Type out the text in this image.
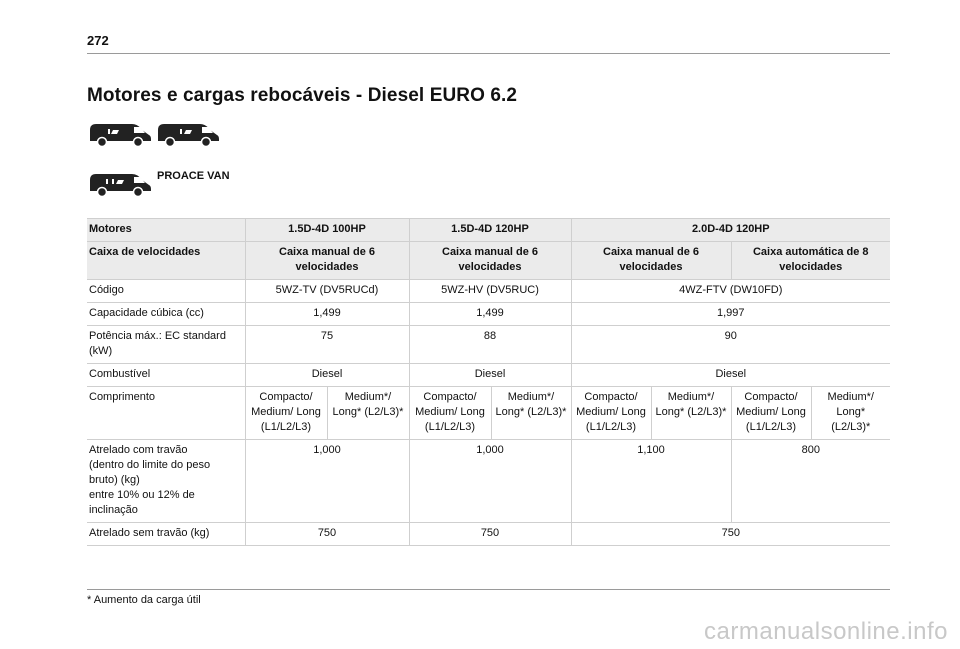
272
Motores e cargas rebocáveis - Diesel EURO 6.2
PROACE VAN
Motores	1.5D-4D 100HP		1.5D-4D 120HP		2.0D-4D 120HP			
Caixa de velocidades	Caixa manual de 6 velocidades		Caixa manual de 6 velocidades		Caixa manual de 6 velocidades		Caixa automática de 8 velocidades	
Código	5WZ-TV (DV5RUCd)		5WZ-HV (DV5RUC)		4WZ-FTV (DW10FD)			
Capacidade cúbica (cc)	1,499		1,499		1,997			
Potência máx.: EC standard (kW)	75		88		90			
Combustível	Diesel		Diesel		Diesel			
Comprimento	Compacto/ Medium/ Long (L1/L2/L3)	Medium*/ Long* (L2/L3)*	Compacto/ Medium/ Long (L1/L2/L3)	Medium*/ Long* (L2/L3)*	Compacto/ Medium/ Long (L1/L2/L3)	Medium*/ Long* (L2/L3)*	Compacto/ Medium/ Long (L1/L2/L3)	Medium*/ Long* (L2/L3)*

Atrelado com travão
(dentro do limite do peso bruto) (kg)
entre 10% ou 12% de inclinação	1,000		1,000		1,100		800	
Atrelado sem travão (kg)	750		750		750			
* Aumento da carga útil
carmanualsonline.info
